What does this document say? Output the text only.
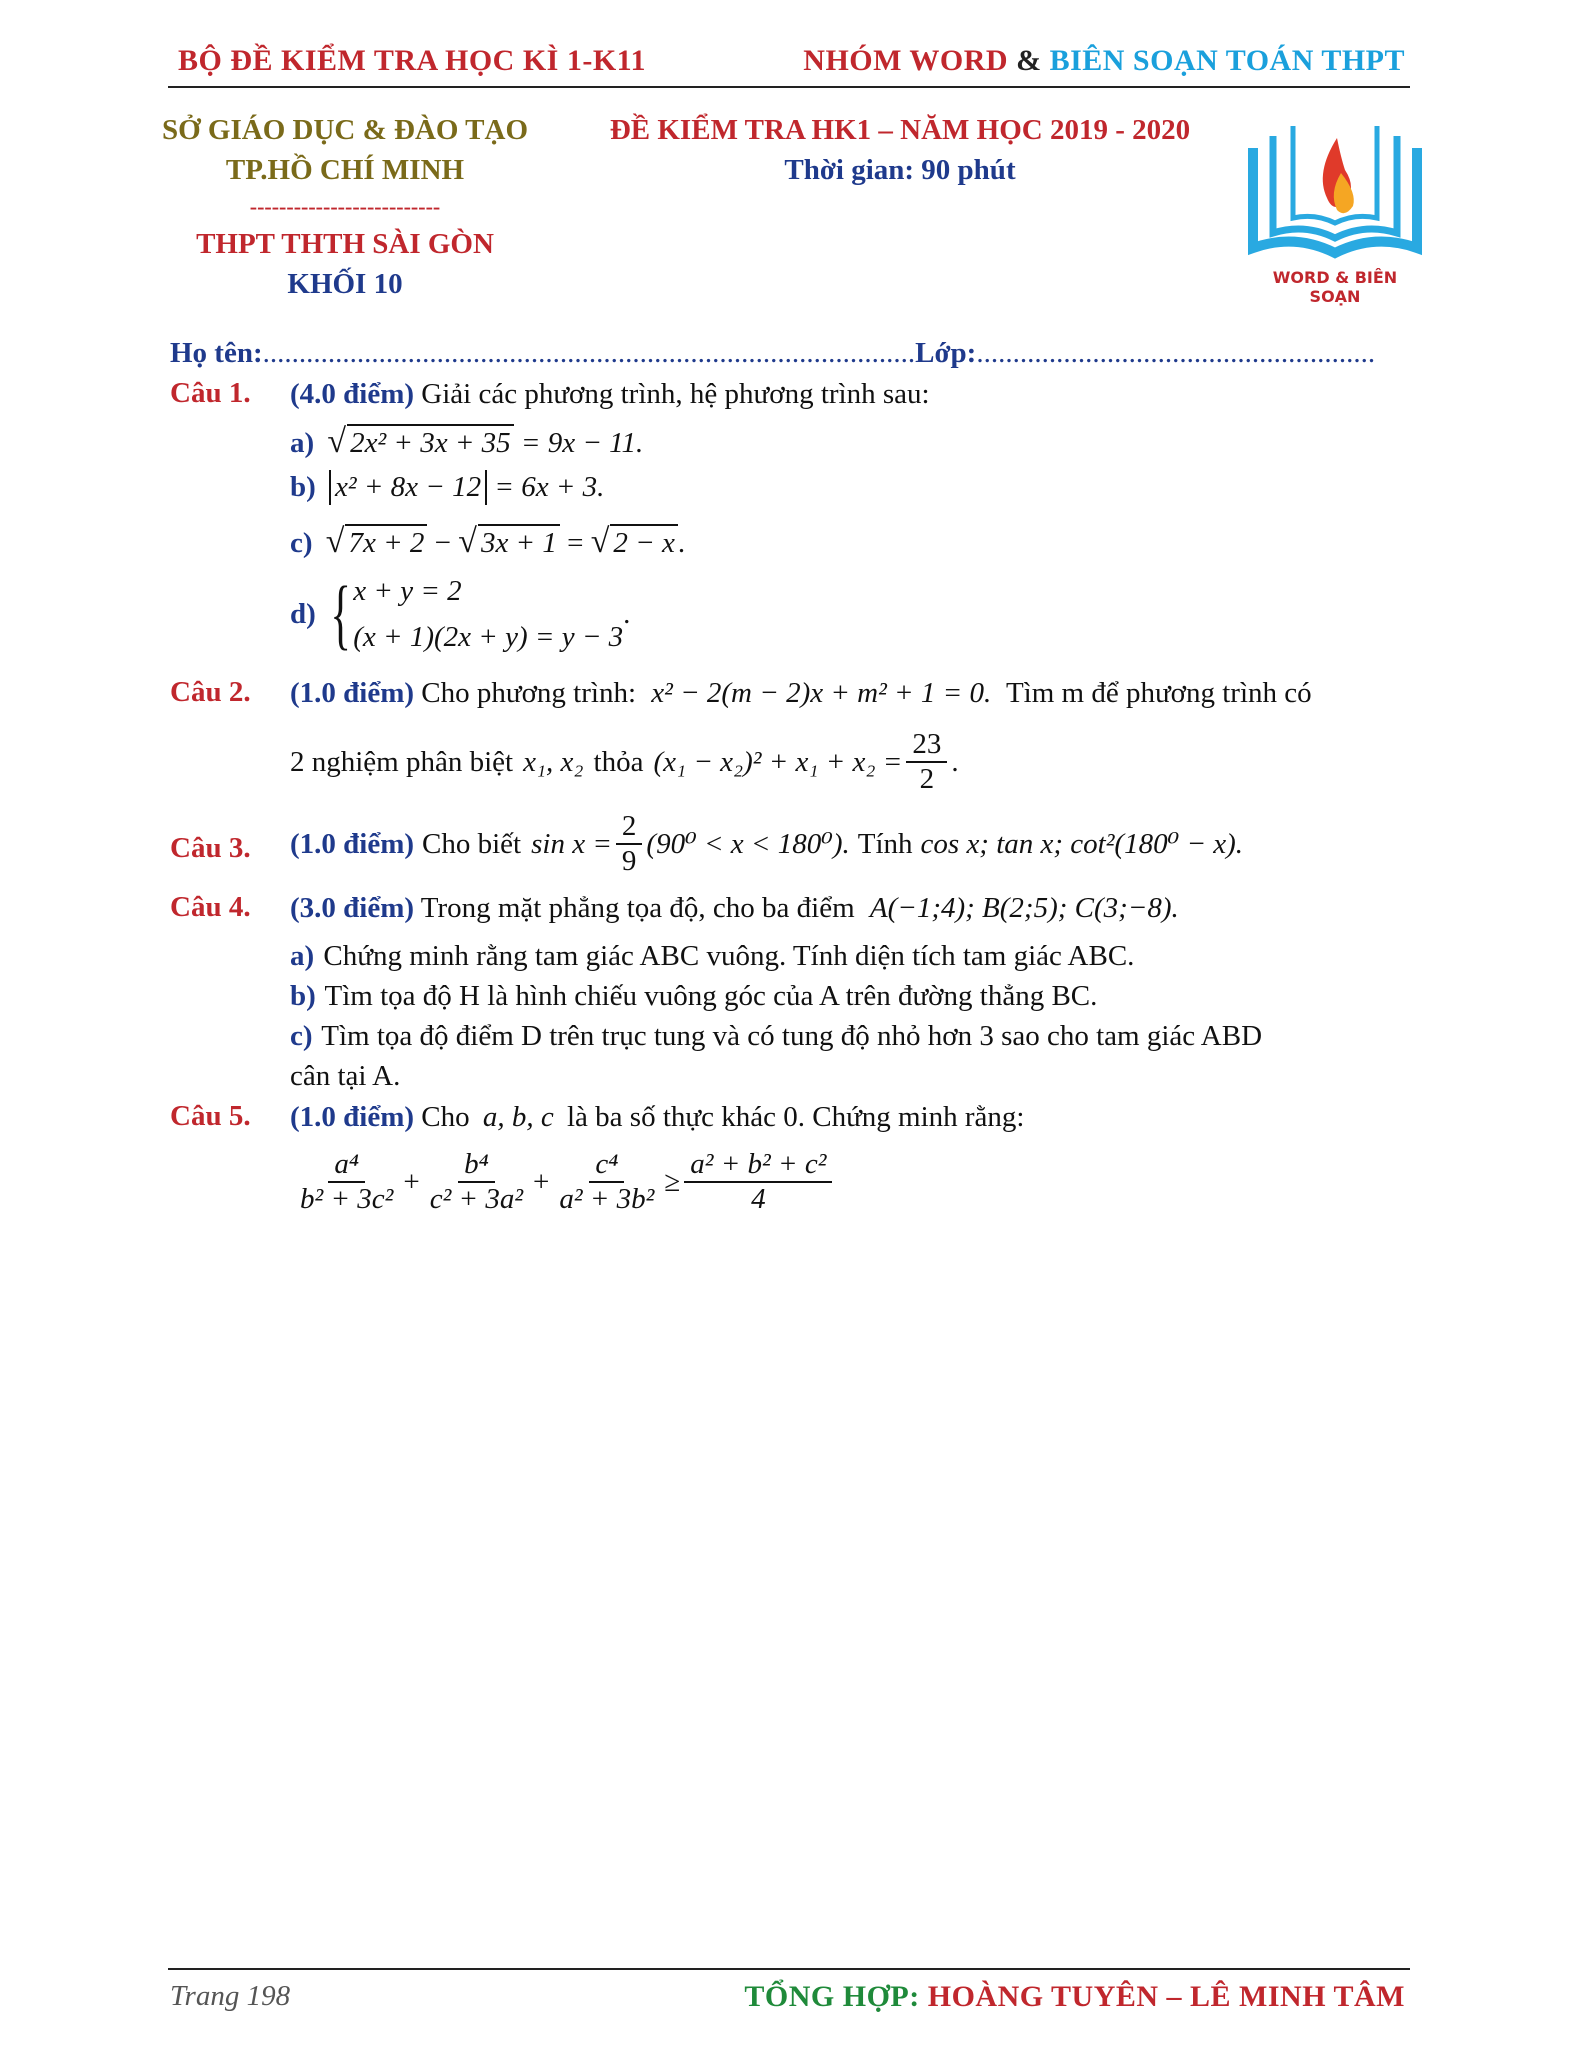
BỘ ĐỀ KIỂM TRA HỌC KÌ 1-K11	NHÓM WORD & BIÊN SOẠN TOÁN THPT
SỞ GIÁO DỤC & ĐÀO TẠO
TP.HỒ CHÍ MINH
--------------------------
THPT THTH SÀI GÒN
KHỐI 10
ĐỀ KIỂM TRA HK1 – NĂM HỌC 2019 - 2020
Thời gian: 90 phút
WORD & BIÊN SOẠN
Họ tên:..........................................................................................Lớp:.......................................................
Câu 1. (4.0 điểm) Giải các phương trình, hệ phương trình sau:
a) √ 2x² + 3x + 35 = 9x − 11.
b) x² + 8x − 12 = 6x + 3.
c) √ 7x + 2 − √ 3x + 1 = √ 2 − x .
d) { x + y = 2
(x + 1)(2x + y) = y − 3
.
Câu 2. (1.0 điểm) Cho phương trình: x² − 2(m − 2)x + m² + 1 = 0. Tìm m để phương trình có
2 nghiệm phân biệt x₁, x₂ thỏa $(x_1 - x_2)^2 + x_1 + x_2 = \frac{23}{2}$ .
Câu 3. (1.0 điểm) Cho biết $\sin x = \frac{2}{9} (90^0 < x < 180^0)$. Tính cos x; tan x; cot²(180⁰ − x).
Câu 4. (3.0 điểm) Trong mặt phẳng tọa độ, cho ba điểm A(−1;4); B(2;5); C(3;−8).
a) Chứng minh rằng tam giác ABC vuông. Tính diện tích tam giác ABC.
b) Tìm tọa độ H là hình chiếu vuông góc của A trên đường thẳng BC.
c) Tìm tọa độ điểm D trên trục tung và có tung độ nhỏ hơn 3 sao cho tam giác ABD
cân tại A.
Câu 5. (1.0 điểm) Cho a, b, c là ba số thực khác 0. Chứng minh rằng:
$\frac{\text{a⁴}}{\text{b² + 3c²}} + \frac{\text{b⁴}}{\text{c² + 3a²}} + \frac{\text{c⁴}}{\text{a² + 3b²}} \ge \frac{\text{a² + b² + c²}}{4}$
Trang 198	TỔNG HỢP: HOÀNG TUYÊN – LÊ MINH TÂM
